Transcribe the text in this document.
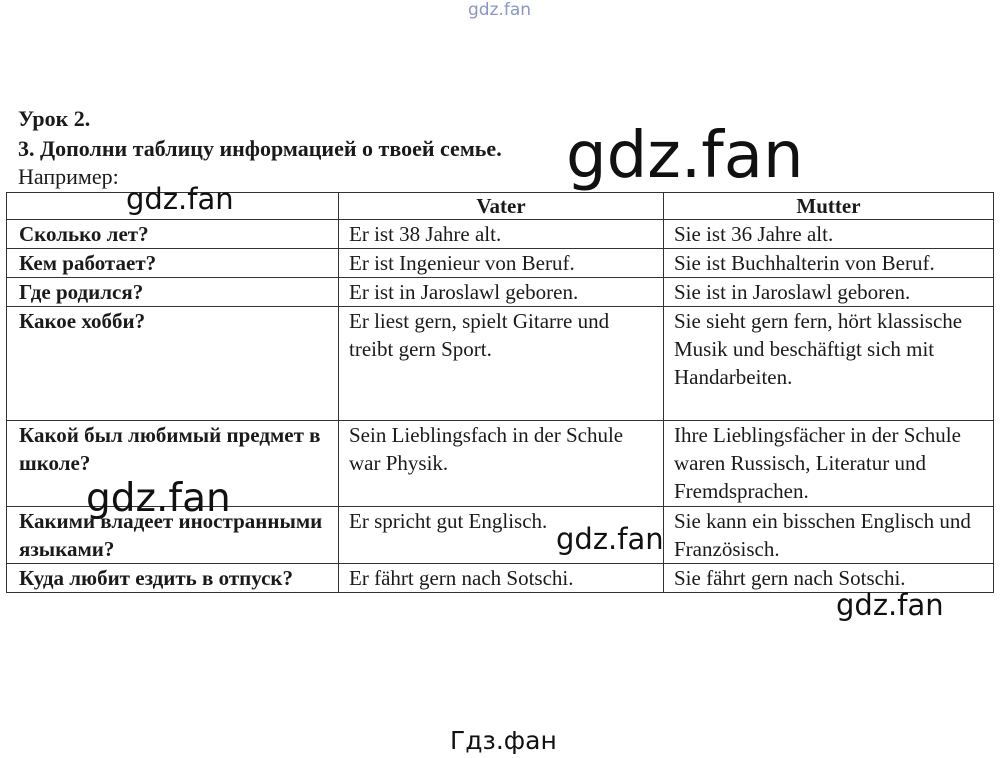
gdz.fan
Урок 2.
3. Дополни таблицу информацией о твоей семье.
Например:
	Vater	Mutter
Сколько лет?	Er ist 38 Jahre alt.	Sie ist 36 Jahre alt.
Кем работает?	Er ist Ingenieur von Beruf.	Sie ist Buchhalterin von Beruf.
Где родился?	Er ist in Jaroslawl geboren.	Sie ist in Jaroslawl geboren.
Какое хобби?	Er liest gern, spielt Gitarre und treibt gern Sport.	Sie sieht gern fern, hört klassische Musik und beschäftigt sich mit Handarbeiten.
Какой был любимый предмет в школе?	Sein Lieblingsfach in der Schule war Physik.	Ihre Lieblingsfächer in der Schule waren Russisch, Literatur und Fremdsprachen.
Какими владеет иностранными языками?	Er spricht gut Englisch.	Sie kann ein bisschen Englisch und Französisch.
Куда любит ездить в отпуск?	Er fährt gern nach Sotschi.	Sie fährt gern nach Sotschi.
gdz.fan
gdz.fan
gdz.fan
gdz.fan
gdz.fan
Гдз.фан
